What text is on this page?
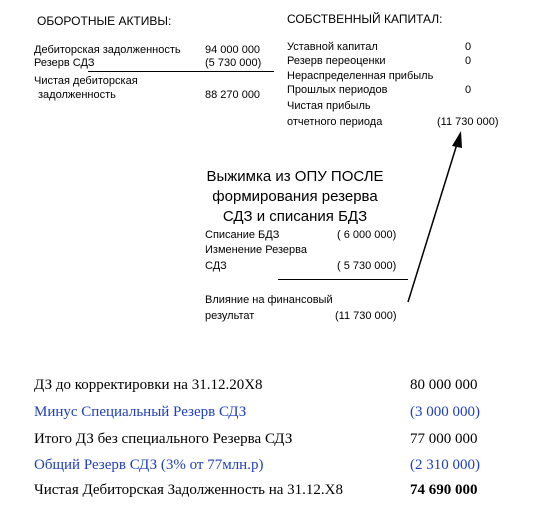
ОБОРОТНЫЕ АКТИВЫ:
Дебиторская задолженность 94 000 000
Резерв СДЗ	(5 730 000)
Чистая дебиторская
задолженность	88 270 000
СОБСТВЕННЫЙ КАПИТАЛ:
Уставной капитал	0
Резерв переоценки	0
Нераспределенная прибыль
Прошлых периодов	0
Чистая прибыль
отчетного периода	(11 730 000)
Выжимка из ОПУ ПОСЛЕ
формирования резерва
СДЗ и списания БДЗ
Списание БДЗ	( 6 000 000)
Изменение Резерва
СДЗ	( 5 730 000)
Влияние на финансовый
результат	(11 730 000)
ДЗ до корректировки на 31.12.20Х8	80 000 000
Минус Специальный Резерв СДЗ	(3 000 000)
Итого ДЗ без специального Резерва СДЗ	77 000 000
Общий Резерв СДЗ (3% от 77млн.р)	(2 310 000)
Чистая Дебиторская Задолженность на 31.12.Х8	74 690 000
